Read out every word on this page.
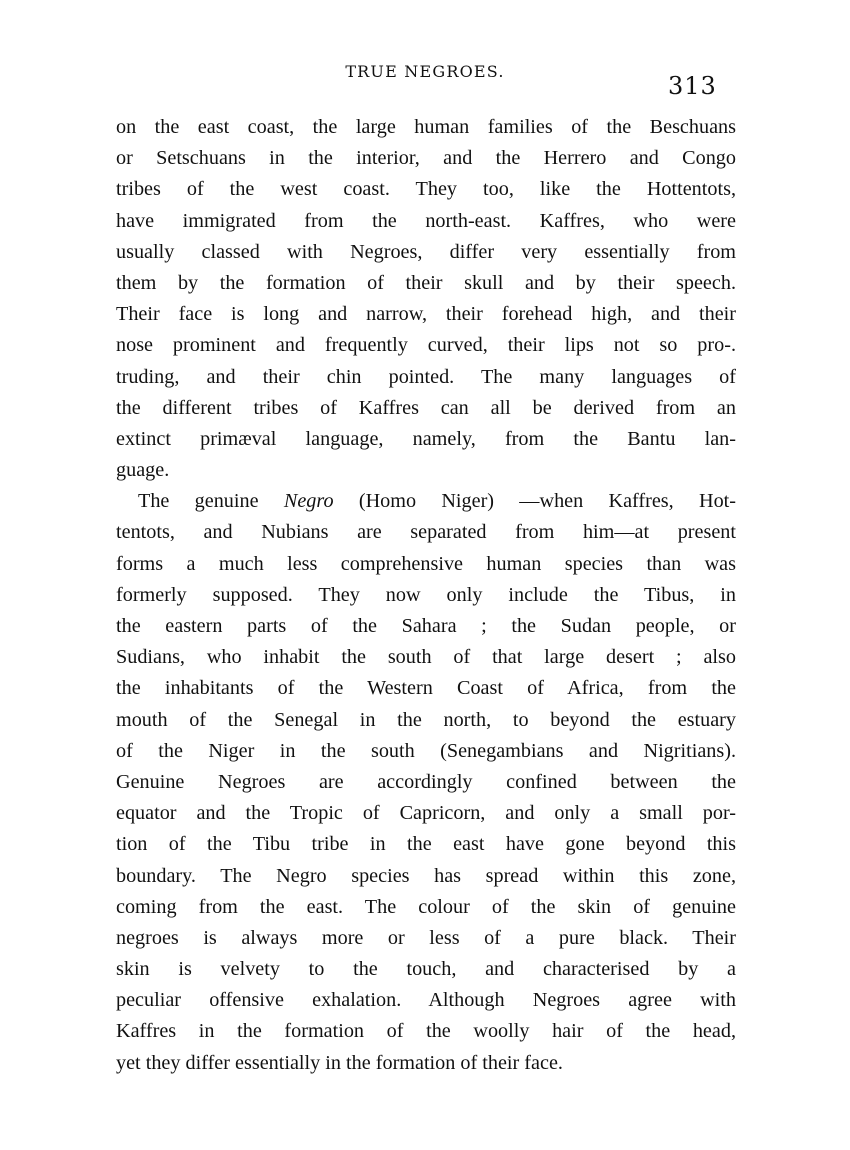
TRUE NEGROES.
313
on the east coast, the large human families of the Beschuans
or Setschuans in the interior, and the Herrero and Congo
tribes of the west coast. They too, like the Hottentots,
have immigrated from the north-east. Kaffres, who were
usually classed with Negroes, differ very essentially from
them by the formation of their skull and by their speech.
Their face is long and narrow, their forehead high, and their
nose prominent and frequently curved, their lips not so pro-.
truding, and their chin pointed. The many languages of
the different tribes of Kaffres can all be derived from an
extinct primæval language, namely, from the Bantu lan-
guage.
The genuine Negro (Homo Niger) —when Kaffres, Hot-
tentots, and Nubians are separated from him—at present
forms a much less comprehensive human species than was
formerly supposed. They now only include the Tibus, in
the eastern parts of the Sahara ; the Sudan people, or
Sudians, who inhabit the south of that large desert ; also
the inhabitants of the Western Coast of Africa, from the
mouth of the Senegal in the north, to beyond the estuary
of the Niger in the south (Senegambians and Nigritians).
Genuine Negroes are accordingly confined between the
equator and the Tropic of Capricorn, and only a small por-
tion of the Tibu tribe in the east have gone beyond this
boundary. The Negro species has spread within this zone,
coming from the east. The colour of the skin of genuine
negroes is always more or less of a pure black. Their
skin is velvety to the touch, and characterised by a
peculiar offensive exhalation. Although Negroes agree with
Kaffres in the formation of the woolly hair of the head,
yet they differ essentially in the formation of their face.
